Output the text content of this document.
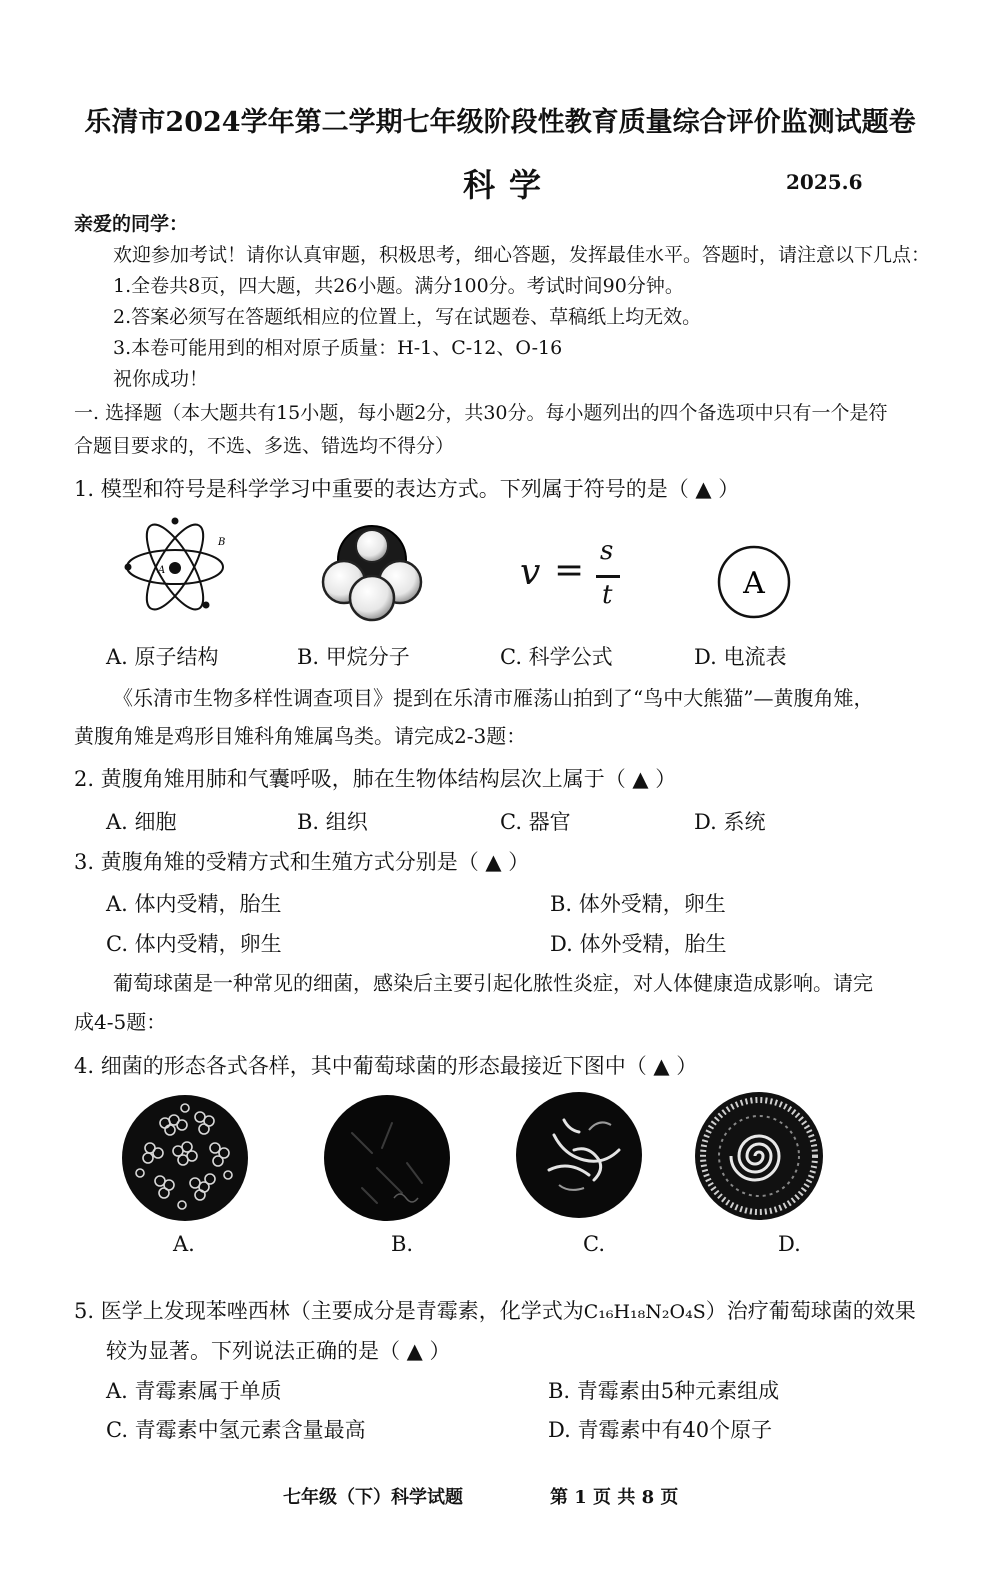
乐清市2024学年第二学期七年级阶段性教育质量综合评价监测试题卷
科学	2025.6
亲爱的同学：
欢迎参加考试！请你认真审题，积极思考，细心答题，发挥最佳水平。答题时，请注意以下几点：
1.全卷共8页，四大题，共26小题。满分100分。考试时间90分钟。
2.答案必须写在答题纸相应的位置上，写在试题卷、草稿纸上均无效。
3.本卷可能用到的相对原子质量：H-1、C-12、O-16
祝你成功！
一. 选择题（本大题共有15小题，每小题2分，共30分。每小题列出的四个备选项中只有一个是符
合题目要求的，不选、多选、错选均不得分）
1. 模型和符号是科学学习中重要的表达方式。下列属于符号的是（ ▲ ）
A
B
v = s
t	A
A. 原子结构	B. 甲烷分子	C. 科学公式	D. 电流表
《乐清市生物多样性调查项目》提到在乐清市雁荡山拍到了“鸟中大熊猫”—黄腹角雉，
黄腹角雉是鸡形目雉科角雉属鸟类。请完成2-3题：
2. 黄腹角雉用肺和气囊呼吸，肺在生物体结构层次上属于（ ▲ ）
A. 细胞	B. 组织	C. 器官	D. 系统
3. 黄腹角雉的受精方式和生殖方式分别是（ ▲ ）
A. 体内受精，胎生	B. 体外受精，卵生
C. 体内受精，卵生	D. 体外受精，胎生
葡萄球菌是一种常见的细菌，感染后主要引起化脓性炎症，对人体健康造成影响。请完
成4-5题：
4. 细菌的形态各式各样，其中葡萄球菌的形态最接近下图中（ ▲ ）
A.	B.	C.	D.
5. 医学上发现苯唑西林（主要成分是青霉素，化学式为C₁₆H₁₈N₂O₄S）治疗葡萄球菌的效果
较为显著。下列说法正确的是（ ▲ ）
A. 青霉素属于单质	B. 青霉素由5种元素组成
C. 青霉素中氢元素含量最高	D. 青霉素中有40个原子
七年级（下）科学试题	第 1 页 共 8 页
